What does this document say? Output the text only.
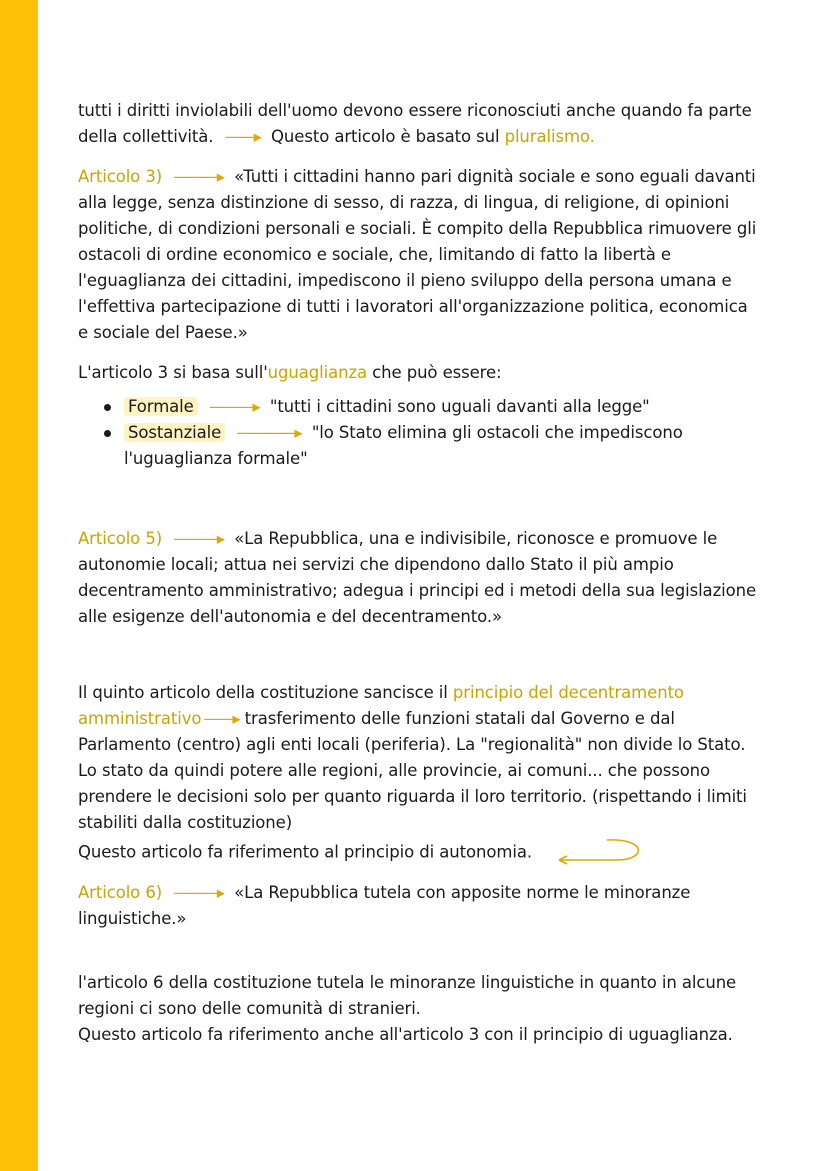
tutti i diritti inviolabili dell'uomo devono essere riconosciuti anche quando fa parte
della collettività. ——▸ Questo articolo è basato sul pluralismo.

Articolo 3) ———▸ «Tutti i cittadini hanno pari dignità sociale e sono eguali davanti alla legge, senza distinzione di sesso, di razza, di lingua, di religione, di opinioni politiche, di condizioni personali e sociali. È compito della Repubblica rimuovere gli ostacoli di ordine economico e sociale, che, limitando di fatto la libertà e l'eguaglianza dei cittadini, impediscono il pieno sviluppo della persona umana e l'effettiva partecipazione di tutti i lavoratori all'organizzazione politica, economica e sociale del Paese.»

L'articolo 3 si basa sull'uguaglianza che può essere:

Formale ———▸ "tutti i cittadini sono uguali davanti alla legge"
Sostanziale ————▸ "lo Stato elimina gli ostacoli che impediscono

l'uguaglianza formale"

Articolo 5) ———▸ «La Repubblica, una e indivisibile, riconosce e promuove le autonomie locali; attua nei servizi che dipendono dallo Stato il più ampio decentramento amministrativo; adegua i principi ed i metodi della sua legislazione alle esigenze dell'autonomia e del decentramento.»

Il quinto articolo della costituzione sancisce il principio del decentramento amministrativo ——▸ trasferimento delle funzioni statali dal Governo e dal Parlamento (centro) agli enti locali (periferia). La "regionalità" non divide lo Stato. Lo stato da quindi potere alle regioni, alle provincie, ai comuni... che possono prendere le decisioni solo per quanto riguarda il loro territorio. (rispettando i limiti stabiliti dalla costituzione)

Questo articolo fa riferimento al principio di autonomia.

Articolo 6) ———▸ «La Repubblica tutela con apposite norme le minoranze linguistiche.»

l'articolo 6 della costituzione tutela le minoranze linguistiche in quanto in alcune regioni ci sono delle comunità di stranieri.
Questo articolo fa riferimento anche all'articolo 3 con il principio di uguaglianza.
